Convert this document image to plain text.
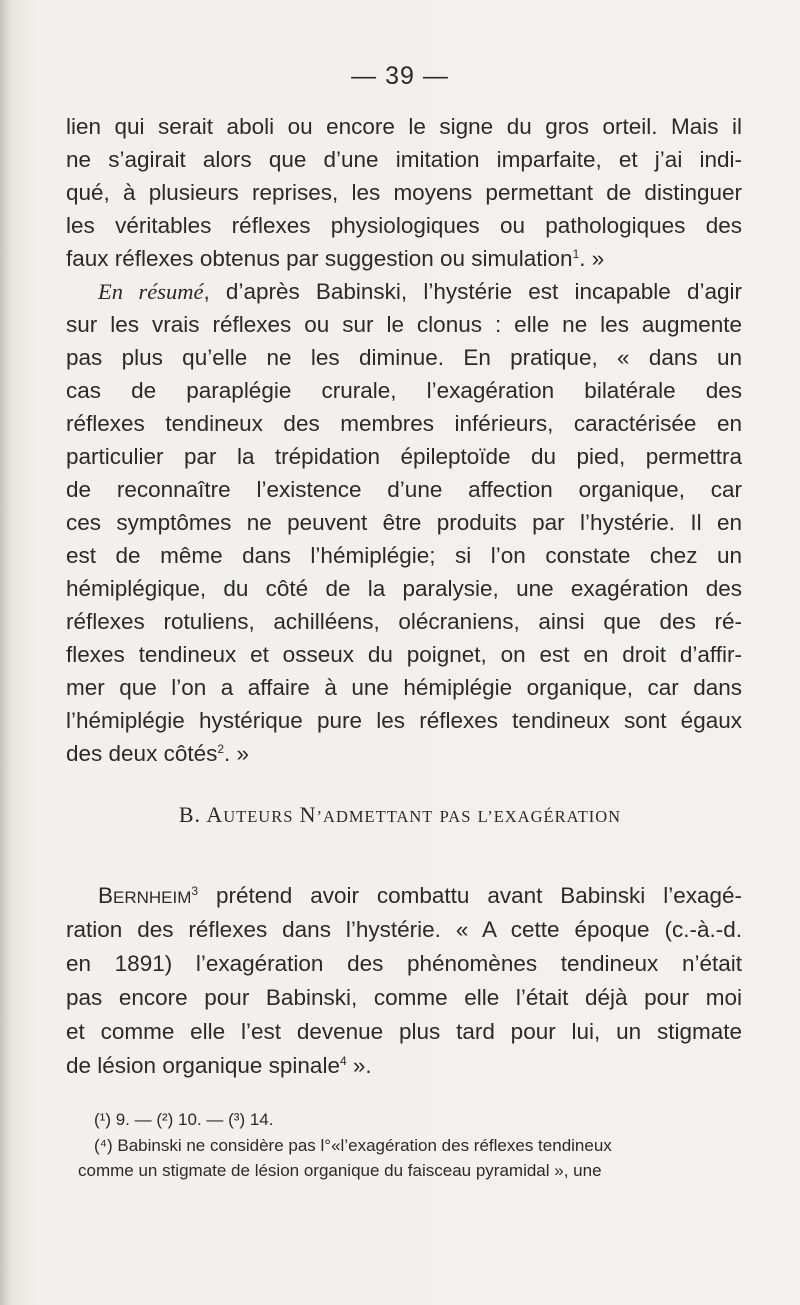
— 39 —
lien qui serait aboli ou encore le signe du gros orteil. Mais il
ne s’agirait alors que d’une imitation imparfaite, et j’ai indi-
qué, à plusieurs reprises, les moyens permettant de distinguer
les véritables réflexes physiologiques ou pathologiques des
faux réflexes obtenus par suggestion ou simulation$^1$. »
En résumé, d’après Babinski, l’hystérie est incapable d’agir
sur les vrais réflexes ou sur le clonus : elle ne les augmente
pas plus qu’elle ne les diminue. En pratique, « dans un
cas de paraplégie crurale, l’exagération bilatérale des
réflexes tendineux des membres inférieurs, caractérisée en
particulier par la trépidation épileptoïde du pied, permettra
de reconnaître l’existence d’une affection organique, car
ces symptômes ne peuvent être produits par l’hystérie. Il en
est de même dans l’hémiplégie; si l’on constate chez un
hémiplégique, du côté de la paralysie, une exagération des
réflexes rotuliens, achilléens, olécraniens, ainsi que des ré-
flexes tendineux et osseux du poignet, on est en droit d’affir-
mer que l’on a affaire à une hémiplégie organique, car dans
l’hémiplégie hystérique pure les réflexes tendineux sont égaux
des deux côtés$^2$. »
B. AUTEURS N’ADMETTANT PAS L’EXAGÉRATION
BERNHEIM$^3$ prétend avoir combattu avant Babinski l’exagé-
ration des réflexes dans l’hystérie. « A cette époque (c.-à.-d.
en 1891) l’exagération des phénomènes tendineux n’était
pas encore pour Babinski, comme elle l’était déjà pour moi
et comme elle l’est devenue plus tard pour lui, un stigmate
de lésion organique spinale$^4$ ».
(¹) 9. — (²) 10. — (³) 14.
(⁴) Babinski ne considère pas l°«l’exagération des réflexes tendineux
comme un stigmate de lésion organique du faisceau pyramidal », une
